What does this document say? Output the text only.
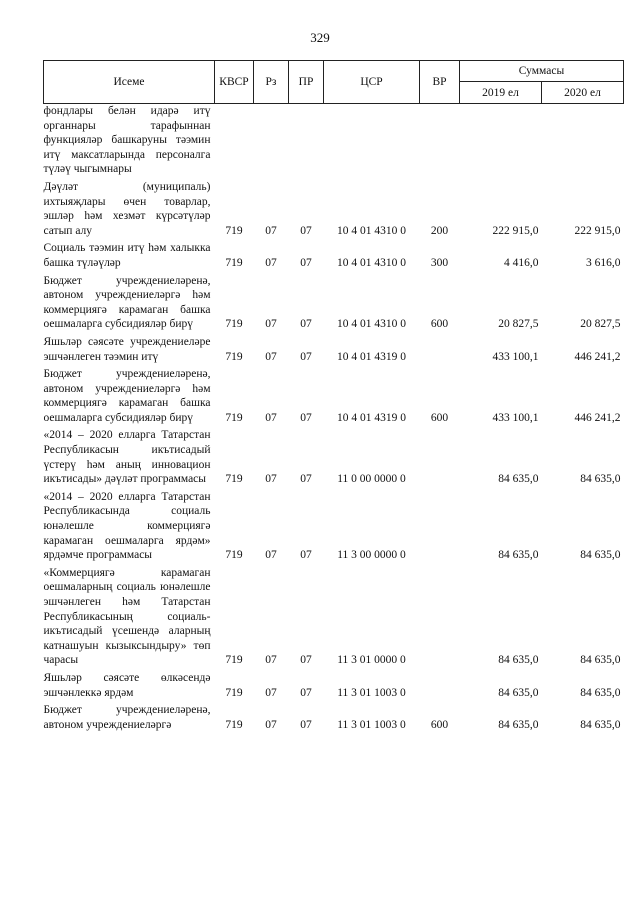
329
Исеме	КВСР	Рз	ПР	ЦСР	ВР	Суммасы	
						2019 ел	2020 ел
фондлары белән идарә итү органнары тарафыннан функцияләр башкаруны тәэмин итү максатларында персоналга түләү чыгымнары							
Дәүләт (муниципаль) ихтыяҗлары өчен товарлар, эшләр һәм хезмәт күрсәтүләр сатып алу	719	07	07	10 4 01 4310 0	200	222 915,0	222 915,0
Социаль тәэмин итү һәм халыкка башка түләүләр	719	07	07	10 4 01 4310 0	300	4 416,0	3 616,0
Бюджет учреждениеләренә, автоном учреждениеләргә һәм коммерциягә карамаган башка оешмаларга субсидияләр бирү	719	07	07	10 4 01 4310 0	600	20 827,5	20 827,5
Яшьләр сәясәте учреждениеләре эшчәнлеген тәэмин итү	719	07	07	10 4 01 4319 0		433 100,1	446 241,2
Бюджет учреждениеләренә, автоном учреждениеләргә һәм коммерциягә карамаган башка оешмаларга субсидияләр бирү	719	07	07	10 4 01 4319 0	600	433 100,1	446 241,2
«2014 – 2020 елларга Татарстан Республикасын икътисадый үстерү һәм аның инновацион икътисады» дәүләт программасы	719	07	07	11 0 00 0000 0		84 635,0	84 635,0
«2014 – 2020 елларга Татарстан Республикасында социаль юнәлешле коммерциягә карамаган оешмаларга ярдәм» ярдәмче программасы	719	07	07	11 3 00 0000 0		84 635,0	84 635,0
«Коммерциягә карамаган оешмаларның социаль юнәлешле эшчәнлеген һәм Татарстан Республикасының социаль-икътисадый үсешендә аларның катнашуын кызыксындыру» төп чарасы	719	07	07	11 3 01 0000 0		84 635,0	84 635,0
Яшьләр сәясәте өлкәсендә эшчәнлеккә ярдәм	719	07	07	11 3 01 1003 0		84 635,0	84 635,0
Бюджет учреждениеләренә, автоном учреждениеләргә	719	07	07	11 3 01 1003 0	600	84 635,0	84 635,0
